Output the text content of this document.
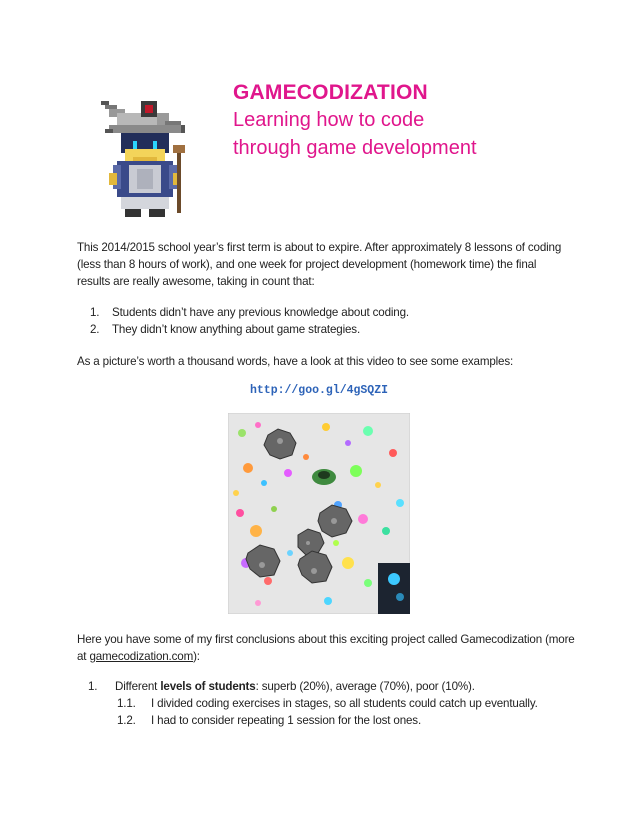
GAMECODIZATION
Learning how to code
through game development
This 2014/2015 school year’s first term is about to expire. After approximately 8 lessons of coding (less than 8 hours of work), and one week for project development (homework time) the final results are really awesome, taking in count that:
1.	Students didn’t have any previous knowledge about coding.
2.	They didn’t know anything about game strategies.
As a picture’s worth a thousand words, have a look at this video to see some examples:
http://goo.gl/4gSQZI
Here you have some of my first conclusions about this exciting project called Gamecodization (more at gamecodization.com):
1.	Different levels of students: superb (20%), average (70%), poor (10%).
1.1.	I divided coding exercises in stages, so all students could catch up eventually.
1.2.	I had to consider repeating 1 session for the lost ones.
